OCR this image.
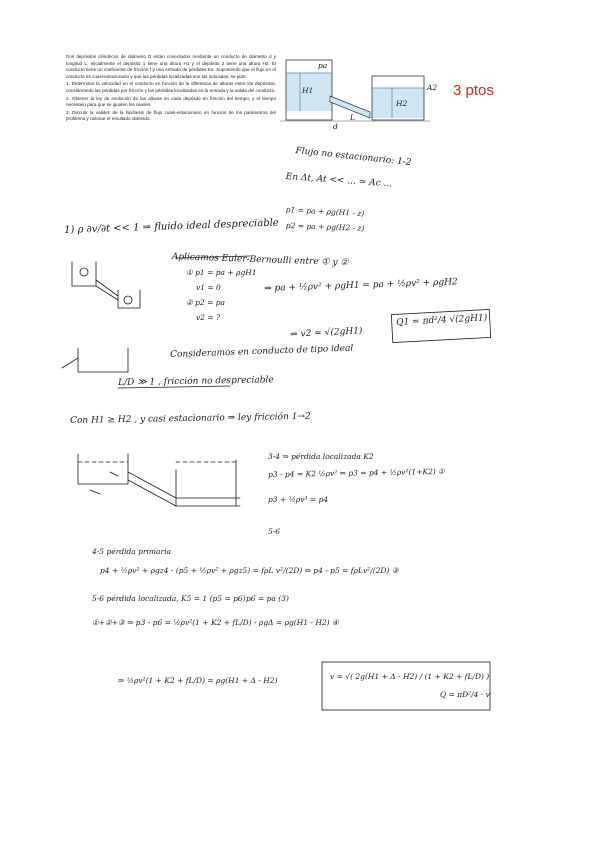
Dos depósitos cilíndricos de diámetro D están conectados mediante un conducto de diámetro d y longitud L. Inicialmente el depósito 1 tiene una altura H1 y el depósito 2 tiene una altura H2. El conducto tiene un coeficiente de fricción f y una entrada de pérdidas Ke. Suponiendo que el flujo en el conducto es cuasi-estacionario y que las pérdidas localizadas son las indicadas, se pide:

1. Determinar la velocidad en el conducto en función de la diferencia de alturas entre los depósitos, considerando las pérdidas por fricción y las pérdidas localizadas en la entrada y la salida del conducto.

2. Obtener la ley de evolución de las alturas en cada depósito en función del tiempo, y el tiempo necesario para que se igualen los niveles.

3. Discutir la validez de la hipótesis de flujo cuasi-estacionario en función de los parámetros del problema y razonar el resultado obtenido.

pa
H1
H2
A2
L
d
3 ptos
Flujo no estacionario: 1-2
En Δt, At << ... ≃ Ac ...
p1 = pa + ρg(H1 - z)
p2 = pa + ρg(H2 - z)
1) ρ ∂v/∂t << 1 ⇒ fluido ideal despreciable
Aplicamos Euler-Bernoulli entre ① y ②
① p1 = pa + ρgH1
v1 = 0
② p2 = pa
v2 = ?
⇒ pa + ½ρv² + ρgH1 = pa + ½ρv² + ρgH2
⇒ v2 ≃ √(2gH1)
Q1 = πd²/4 √(2gH1)
Consideramos en conducto de tipo ideal
L/D ≫ 1 , fricción no despreciable
Con H1 ≥ H2 , y casi estacionario ⇒ ley fricción 1→2
3-4 ⇒ pérdida localizada K2
p3 - p4 = K2 ½ρv² ⇒ p3 = p4 + ½ρv²(1+K2) ①
p3 + ½ρv³ = p4
5-6
4-5 pérdida primaria
p4 + ½ρv² + ρgz4 - (p5 + ½ρv² + ρgz5) = fρL v²/(2D) ⇒ p4 - p5 = fρLv²/(2D) ③
5-6 pérdida localizada, K5 = 1 (p5 = p6) p6 = pa (3)
①+②+③ ⇒ p3 - p6 = ½ρv²(1 + K2 + fL/D) - ρgΔ = ρg(H1 - H2) ④
⇒ ½ρv²(1 + K2 + fL/D) = ρg(H1 + Δ - H2)	v = √( 2g(H1 + Δ - H2) / (1 + K2 + fL/D) )
Q = πD²/4 · v
